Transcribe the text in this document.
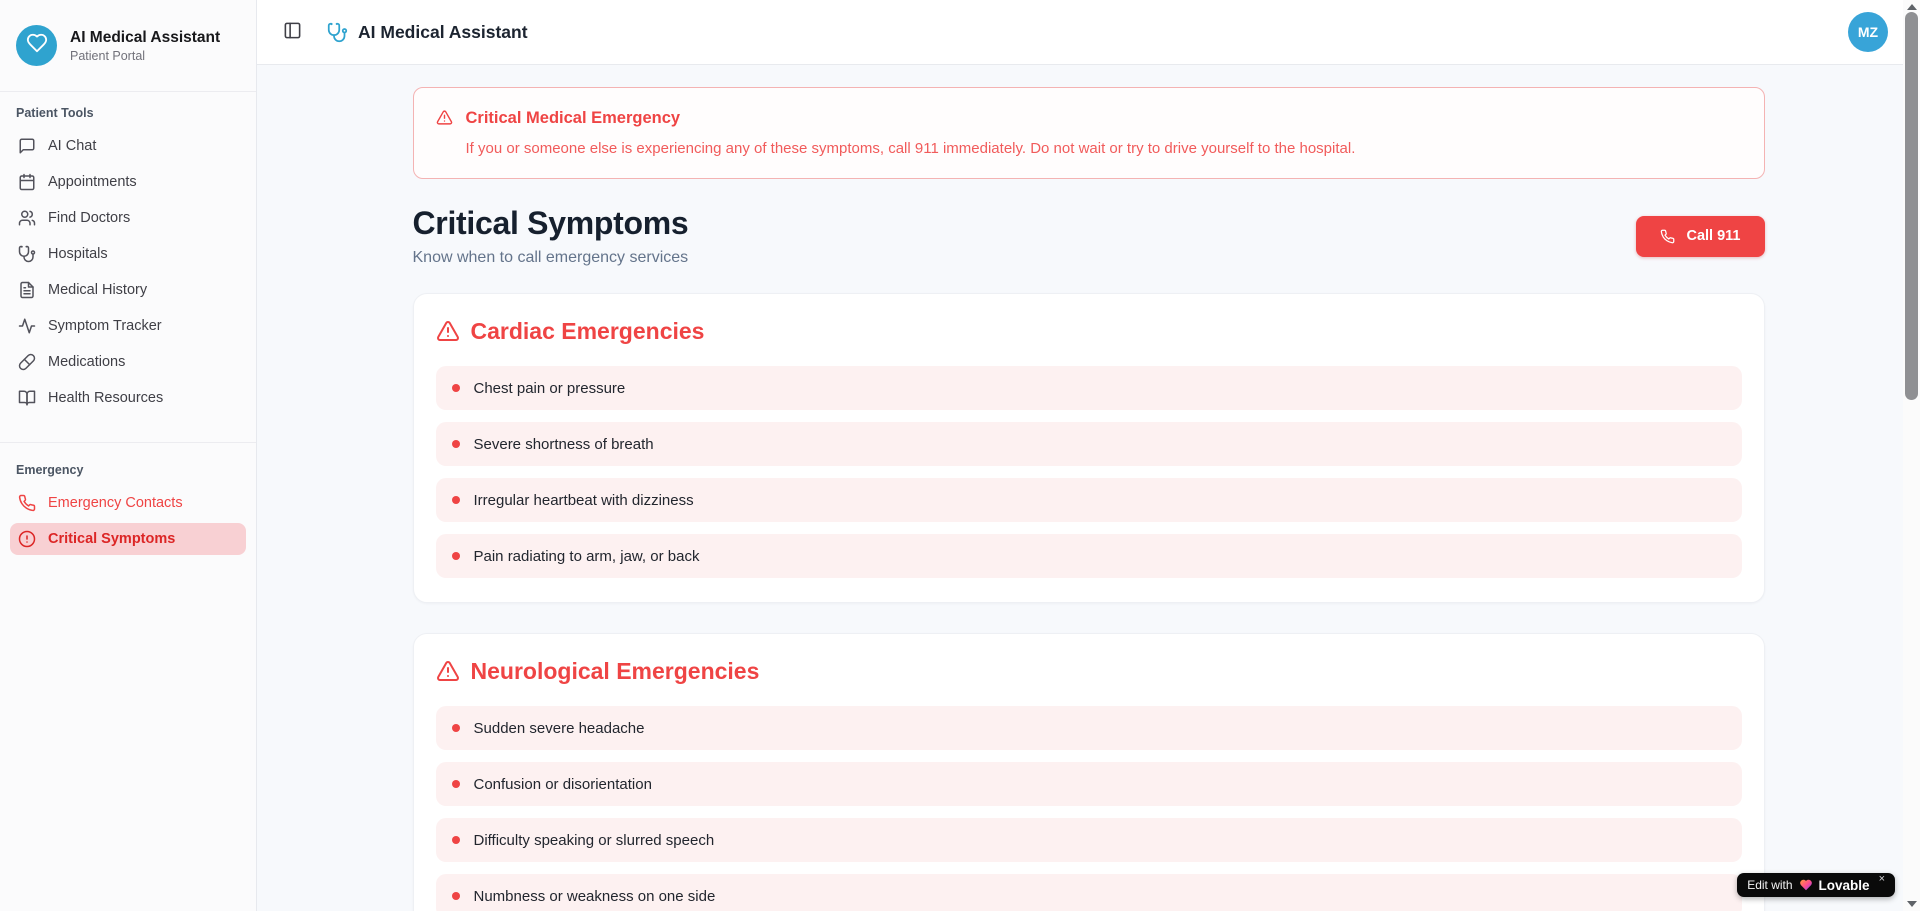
AI Medical Assistant
Patient Portal
Patient Tools
AI Chat
Appointments
Find Doctors
Hospitals
Medical History
Symptom Tracker
Medications
Health Resources
Emergency
Emergency Contacts
Critical Symptoms
AI Medical Assistant	MZ
Critical Medical Emergency
If you or someone else is experiencing any of these symptoms, call 911 immediately. Do not wait or try to drive yourself to the hospital.
Critical Symptoms
Know when to call emergency services
Call 911
Cardiac Emergencies
Chest pain or pressure
Severe shortness of breath
Irregular heartbeat with dizziness
Pain radiating to arm, jaw, or back
Neurological Emergencies
Sudden severe headache
Confusion or disorientation
Difficulty speaking or slurred speech
Numbness or weakness on one side
Edit with Lovable ×
